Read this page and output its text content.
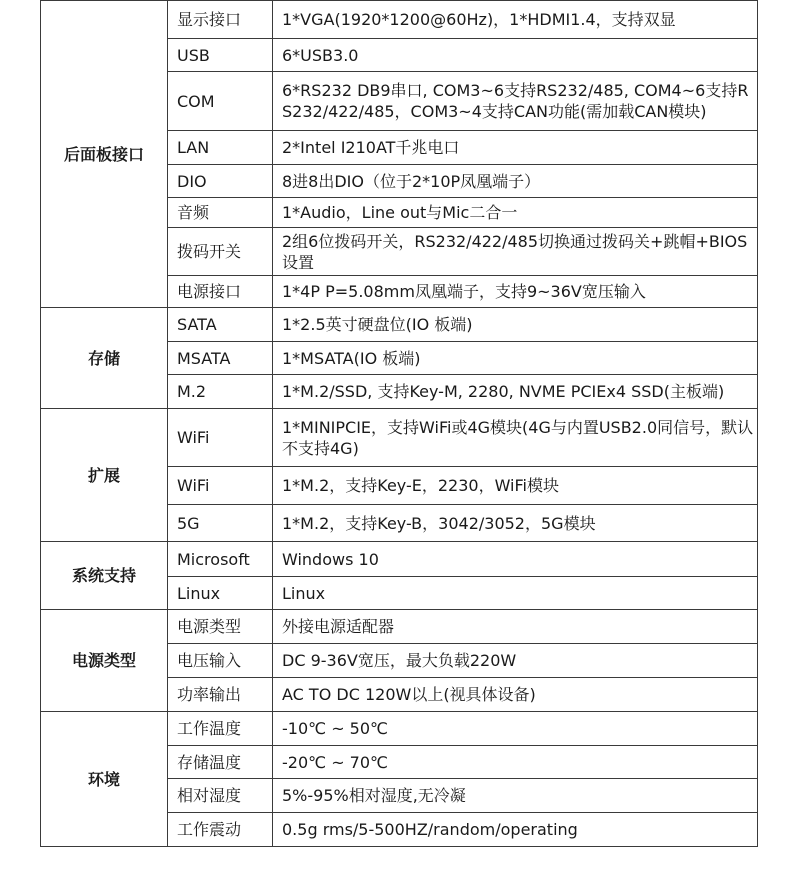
后面板接口	显示接口	1*VGA(1920*1200@60Hz)，1*HDMI1.4，支持双显
	USB	6*USB3.0
	COM	6*RS232 DB9串口, COM3~6支持RS232/485, COM4~6支持RS232/422/485，COM3~4支持CAN功能(需加载CAN模块)
	LAN	2*Intel I210AT千兆电口
	DIO	8进8出DIO（位于2*10P凤凰端子）
	音频	1*Audio，Line out与Mic二合一
	拨码开关	2组6位拨码开关，RS232/422/485切换通过拨码关+跳帽+BIOS设置
	电源接口	1*4P P=5.08mm凤凰端子，支持9~36V宽压输入
存储	SATA	1*2.5英寸硬盘位(IO 板端)
	MSATA	1*MSATA(IO 板端)
	M.2	1*M.2/SSD, 支持Key-M, 2280, NVME PCIEx4 SSD(主板端)
扩展	WiFi	1*MINIPCIE，支持WiFi或4G模块(4G与内置USB2.0同信号，默认不支持4G)
	WiFi	1*M.2，支持Key-E，2230，WiFi模块
	5G	1*M.2，支持Key-B，3042/3052，5G模块
系统支持	Microsoft	Windows 10
	Linux	Linux
电源类型	电源类型	外接电源适配器
	电压输入	DC 9-36V宽压，最大负载220W
	功率输出	AC TO DC 120W以上(视具体设备)
环境	工作温度	-10℃ ~ 50℃
	存储温度	-20℃ ~ 70℃
	相对湿度	5%-95%相对湿度,无冷凝
	工作震动	0.5g rms/5-500HZ/random/operating
